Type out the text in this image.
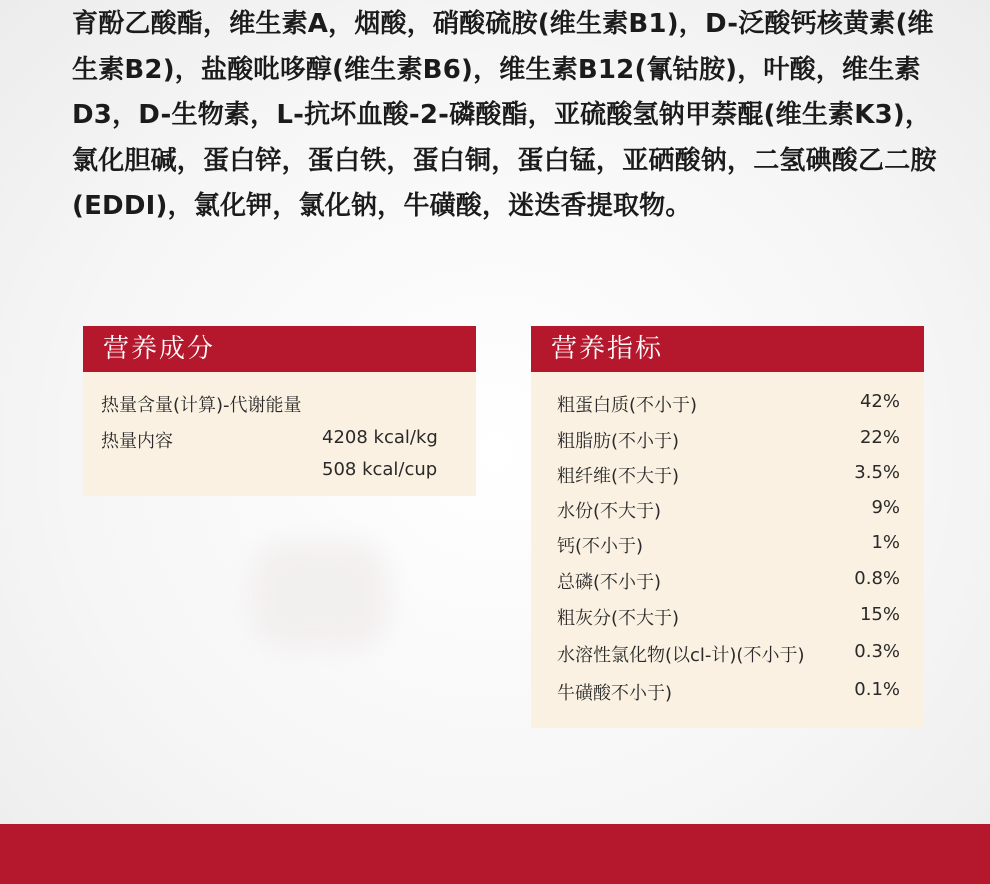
育酚乙酸酯，维生素A，烟酸，硝酸硫胺(维生素B1)，D-泛酸钙核黄素(维生素B2)，盐酸吡哆醇(维生素B6)，维生素B12(氰钴胺)，叶酸，维生素D3，D-生物素，L-抗坏血酸-2-磷酸酯，亚硫酸氢钠甲萘醌(维生素K3)，氯化胆碱，蛋白锌，蛋白铁，蛋白铜，蛋白锰，亚硒酸钠，二氢碘酸乙二胺(EDDI)，氯化钾，氯化钠，牛磺酸，迷迭香提取物。

营养成分
热量含量(计算)-代谢能量
热量内容	4208 kcal/kg
508 kcal/cup
营养指标
粗蛋白质(不小于)	42%
粗脂肪(不小于)	22%
粗纤维(不大于)	3.5%
水份(不大于)	9%
钙(不小于)	1%
总磷(不小于)	0.8%
粗灰分(不大于)	15%
水溶性氯化物(以cl-计)(不小于)	0.3%
牛磺酸不小于)	0.1%
